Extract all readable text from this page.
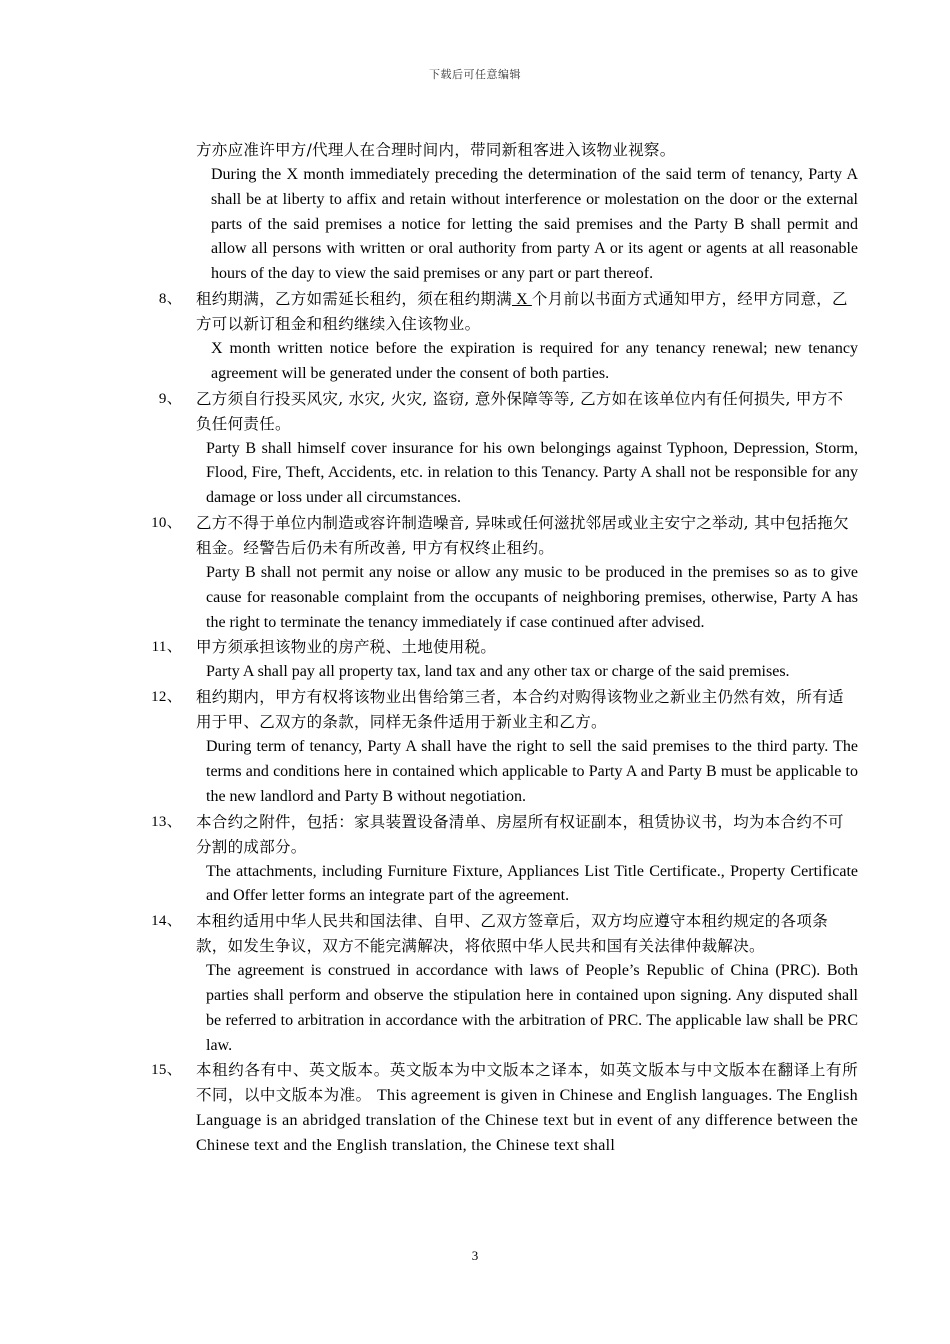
下载后可任意编辑
方亦应准许甲方/代理人在合理时间内，带同新租客进入该物业视察。
During the X month immediately preceding the determination of the said term of tenancy, Party A shall be at liberty to affix and retain without interference or molestation on the door or the external parts of the said premises a notice for letting the said premises and the Party B shall permit and allow all persons with written or oral authority from party A or its agent or agents at all reasonable hours of the day to view the said premises or any part or part thereof.
8、 租约期满，乙方如需延长租约，须在租约期满 X 个月前以书面方式通知甲方，经甲方同意，乙方可以新订租金和租约继续入住该物业。
X month written notice before the expiration is required for any tenancy renewal; new tenancy agreement will be generated under the consent of both parties.
9、 乙方须自行投买风灾, 水灾, 火灾, 盗窃, 意外保障等等, 乙方如在该单位内有任何损失, 甲方不负任何责任。
Party B shall himself cover insurance for his own belongings against Typhoon, Depression, Storm, Flood, Fire, Theft, Accidents, etc. in relation to this Tenancy. Party A shall not be responsible for any damage or loss under all circumstances.
10、 乙方不得于单位内制造或容许制造噪音, 异味或任何滋扰邻居或业主安宁之举动, 其中包括拖欠租金。经警告后仍未有所改善, 甲方有权终止租约。
Party B shall not permit any noise or allow any music to be produced in the premises so as to give cause for reasonable complaint from the occupants of neighboring premises, otherwise, Party A has the right to terminate the tenancy immediately if case continued after advised.
11、 甲方须承担该物业的房产税、土地使用税。
Party A shall pay all property tax, land tax and any other tax or charge of the said premises.
12、 租约期内，甲方有权将该物业出售给第三者，本合约对购得该物业之新业主仍然有效，所有适用于甲、乙双方的条款，同样无条件适用于新业主和乙方。
During term of tenancy, Party A shall have the right to sell the said premises to the third party. The terms and conditions here in contained which applicable to Party A and Party B must be applicable to the new landlord and Party B without negotiation.
13、 本合约之附件，包括：家具装置设备清单、房屋所有权证副本，租赁协议书，均为本合约不可分割的成部分。
The attachments, including Furniture Fixture, Appliances List Title Certificate., Property Certificate and Offer letter forms an integrate part of the agreement.
14、 本租约适用中华人民共和国法律、自甲、乙双方签章后，双方均应遵守本租约规定的各项条款，如发生争议，双方不能完满解决，将依照中华人民共和国有关法律仲裁解决。
The agreement is construed in accordance with laws of People’s Republic of China (PRC). Both parties shall perform and observe the stipulation here in contained upon signing. Any disputed shall be referred to arbitration in accordance with the arbitration of PRC. The applicable law shall be PRC law.
15、 本租约各有中、英文版本。英文版本为中文版本之译本，如英文版本与中文版本在翻译上有所不同，以中文版本为准。 This agreement is given in Chinese and English languages. The English Language is an abridged translation of the Chinese text but in event of any difference between the Chinese text and the English translation, the Chinese text shall
3
